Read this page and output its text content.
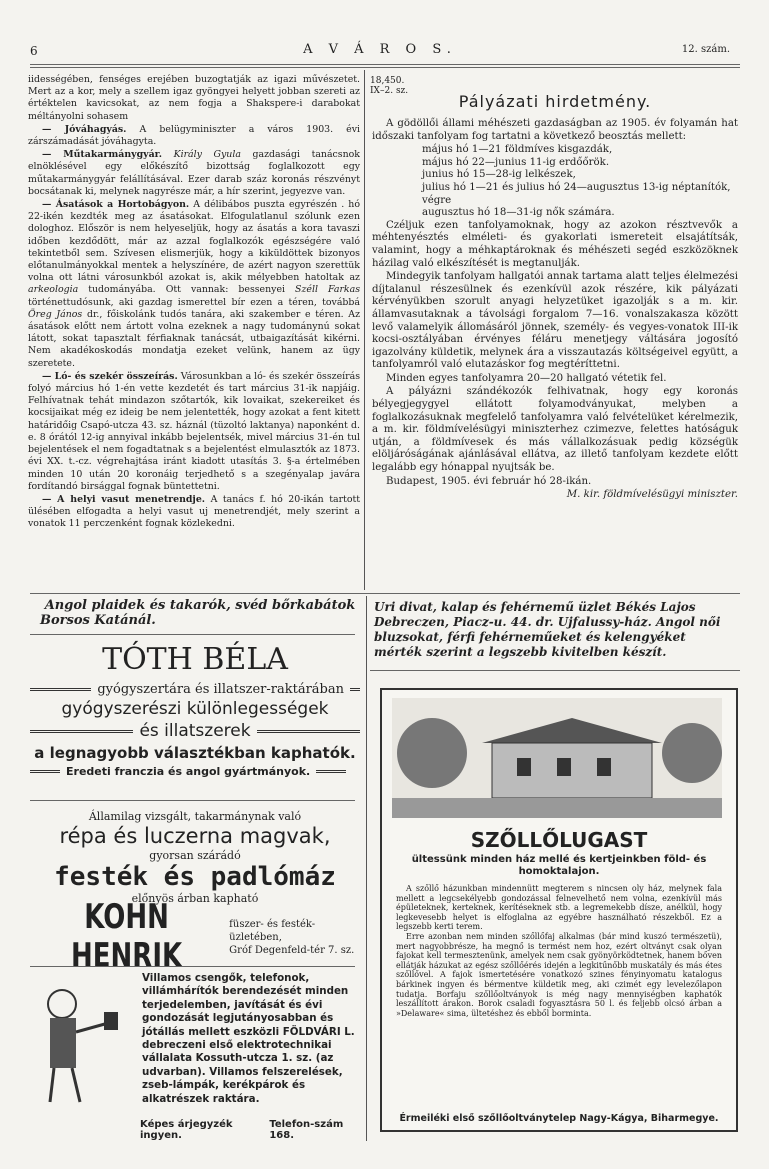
6	A V Á R O S.	12. szám.

iidességében, fenséges erejében buzogtatják az igazi művészetet. Mert az a kor, mely a szellem igaz gyöngyei helyett jobban szereti az értéktelen kavicsokat, az nem fogja a Shakspere-i darabokat méltányolni sohasem

— Jóváhagyás. A belügyminiszter a város 1903. évi zárszámadását jóváhagyta.

— Műtakarmánygyár. Király Gyula gazdasági tanácsnok elnöklésével egy előkészítő bizottság foglalkozott egy műtakarmánygyár felállításával. Ezer darab száz koronás részvényt bocsátanak ki, melynek nagyrésze már, a hír szerint, jegyezve van.

— Ásatások a Hortobágyon. A délibábos puszta egyrészén . hó 22-ikén kezdték meg az ásatásokat. Elfogulatlanul szólunk ezen dologhoz. Először is nem helyeseljük, hogy az ásatás a kora tavaszi időben kezdődött, már az azzal foglalkozók egészségére való tekintetből sem. Szívesen elismerjük, hogy a kiküldöttek bizonyos előtanulmányokkal mentek a helyszínére, de azért nagyon szerettük volna ott látni városunkból azokat is, akik mélyebben hatoltak az arkeologia tudományába. Ott vannak: bessenyei Széll Farkas történettudósunk, aki gazdag ismerettel bír ezen a téren, továbbá Öreg János dr., főiskolánk tudós tanára, aki szakember e téren. Az ásatások előtt nem ártott volna ezeknek a nagy tudománynú sokat látott, sokat tapasztalt férfiaknak tanácsát, utbaigazítását kikérni. Nem akadékoskodás mondatja ezeket velünk, hanem az ügy szeretete.

— Ló- és szekér összeírás. Városunkban a ló- és szekér összeírás folyó március hó 1-én vette kezdetét és tart március 31-ik napjáig. Felhívatnak tehát mindazon szőtartók, kik lovaikat, szekereiket és kocsijaikat még ez ideig be nem jelentették, hogy azokat a fent kitett határidőig Csapó-utcza 43. sz. háznál (tüzoltó laktanya) naponként d. e. 8 órától 12-ig annyival inkább bejelentsék, mivel március 31-én tul bejelentések el nem fogadtatnak s a bejelentést elmulasztók az 1873. évi XX. t.-cz. végrehajtása iránt kiadott utasítás 3. §-a értelmében minden 10 után 20 koronáig terjedhető s a szegényalap javára fordítandó birsággal fognak büntettetni.

— A helyi vasut menetrendje. A tanács f. hó 20-ikán tartott ülésében elfogadta a helyi vasut uj menetrendjét, mely szerint a vonatok 11 perczenként fognak közlekedni.

18,450.
IX–2. sz.
Pályázati hirdetmény.

A gödöllői állami méhészeti gazdaságban az 1905. év folyamán hat időszaki tanfolyam fog tartatni a következő beosztás mellett:

május hó 1—21 földmíves kisgazdák,
május hó 22—junius 11-ig erdőőrök.
junius hó 15—28-ig lelkészek,
julius hó 1—21 és julius hó 24—augusztus 13-ig néptanítók, végre
augusztus hó 18—31-ig nők számára.

Czéljuk ezen tanfolyamoknak, hogy az azokon résztvevők a méhtenyésztés elméleti- és gyakorlati ismereteit elsajátítsák, valamint, hogy a méhkaptároknak és méhészeti segéd eszközöknek házilag való elkészítését is megtanulják.

Mindegyik tanfolyam hallgatói annak tartama alatt teljes élelmezési díjtalanul részesülnek és ezenkívül azok részére, kik pályázati kérvényükben szorult anyagi helyzetüket igazolják s a m. kir. államvasutaknak a távolsági forgalom 7—16. vonalszakasza között levő valamelyik állomásáról jönnek, személy- és vegyes-vonatok III-ik kocsi-osztályában érvényes féláru menetjegy váltására jogosító igazolvány küldetik, melynek ára a visszautazás költségeivel együtt, a tanfolyamról való elutazáskor fog megtéríttetni.

Minden egyes tanfolyamra 20—20 hallgató vétetik fel.

A pályázni szándékozók felhivatnak, hogy egy koronás bélyegjegygyel ellátott folyamodványukat, melyben a foglalkozásuknak megfelelő tanfolyamra való felvételüket kérelmezik, a m. kir. földmívelésügyi miniszterhez czimezve, felettes hatóságuk utján, a földmívesek és más vállalkozásuak pedig községük elöljáróságának ajánlásával ellátva, az illető tanfolyam kezdete előtt legalább egy hónappal nyujtsák be.

Budapest, 1905. évi február hó 28-ikán.

M. kir. földmívelésügyi miniszter.

Angol plaidek és takarók, svéd bőrkabátok
Borsos Katánál.
TÓTH BÉLA
gyógyszertára és illatszer-raktárában
gyógyszerészi különlegességek
és illatszerek
a legnagyobb választékban kaphatók.
Eredeti franczia és angol gyártmányok.
Államilag vizsgált, takarmánynak való
répa és luczerna magvak,
gyorsan szárádó
festék és padlómáz
előnyös árban kapható
KOHN HENRIK
füszer- és festék-üzletében,
Gróf Degenfeld-tér 7. sz.
Villamos csengők, telefonok, villámhárítók berendezését minden terjedelemben, javítását és évi gondozását legjutányosabban és jótállás mellett eszközli FÖLDVÁRI L. debreczeni első elektrotechnikai vállalata Kossuth-utcza 1. sz. (az udvarban). Villamos felszerelések, zseb-lámpák, kerékpárok és alkatrészek raktára.
Képes árjegyzék ingyen.
Telefon-szám 168.
Uri divat, kalap és fehérnemű üzlet Békés Lajos Debreczen, Piacz-u. 44. dr. Ujfalussy-ház. Angol női bluzsokat, férfi fehérneműeket és kelengyéket mérték szerint a legszebb kivitelben készít.
SZŐLLŐLUGAST
ültessünk minden ház mellé és kertjeinkben föld- és homoktalajon.

A szőllő házunkban mindennütt megterem s nincsen oly ház, melynek fala mellett a legcsekélyebb gondozással felnevelhető nem volna, ezenkívül más épületeknek, kerteknek, kerítéseknek stb. a legremekebb dísze, anélkül, hogy legkevesebb helyet is elfoglalna az egyébre használható részekből. Ez a legszebb kerti terem.

Erre azonban nem minden szőllőfaj alkalmas (bár mind kuszó természetü), mert nagyobbrésze, ha megnő is termést nem hoz, ezért oltványt csak olyan fajokat kell termesztenünk, amelyek nem csak gyönyörködtetnek, hanem bőven ellátják házukat az egész szőllőérés idején a legkitűnőbb muskatály és más étes szőllővel. A fajok ismertetésére vonatkozó szines fényinyomatu katalogus bárkinek ingyen és bérmentve küldetik meg, aki czimét egy levelezőlapon tudatja. Borfaju szőllőoltványok is még nagy mennyiségben kaphatók leszállított árakon. Borok csaladi fogyasztásra 50 l. és feljebb olcsó árban a »Delaware« sima, ültetéshez és ebből borminta.

Érmeiléki első szőllőoltványtelep Nagy-Kágya, Biharmegye.
